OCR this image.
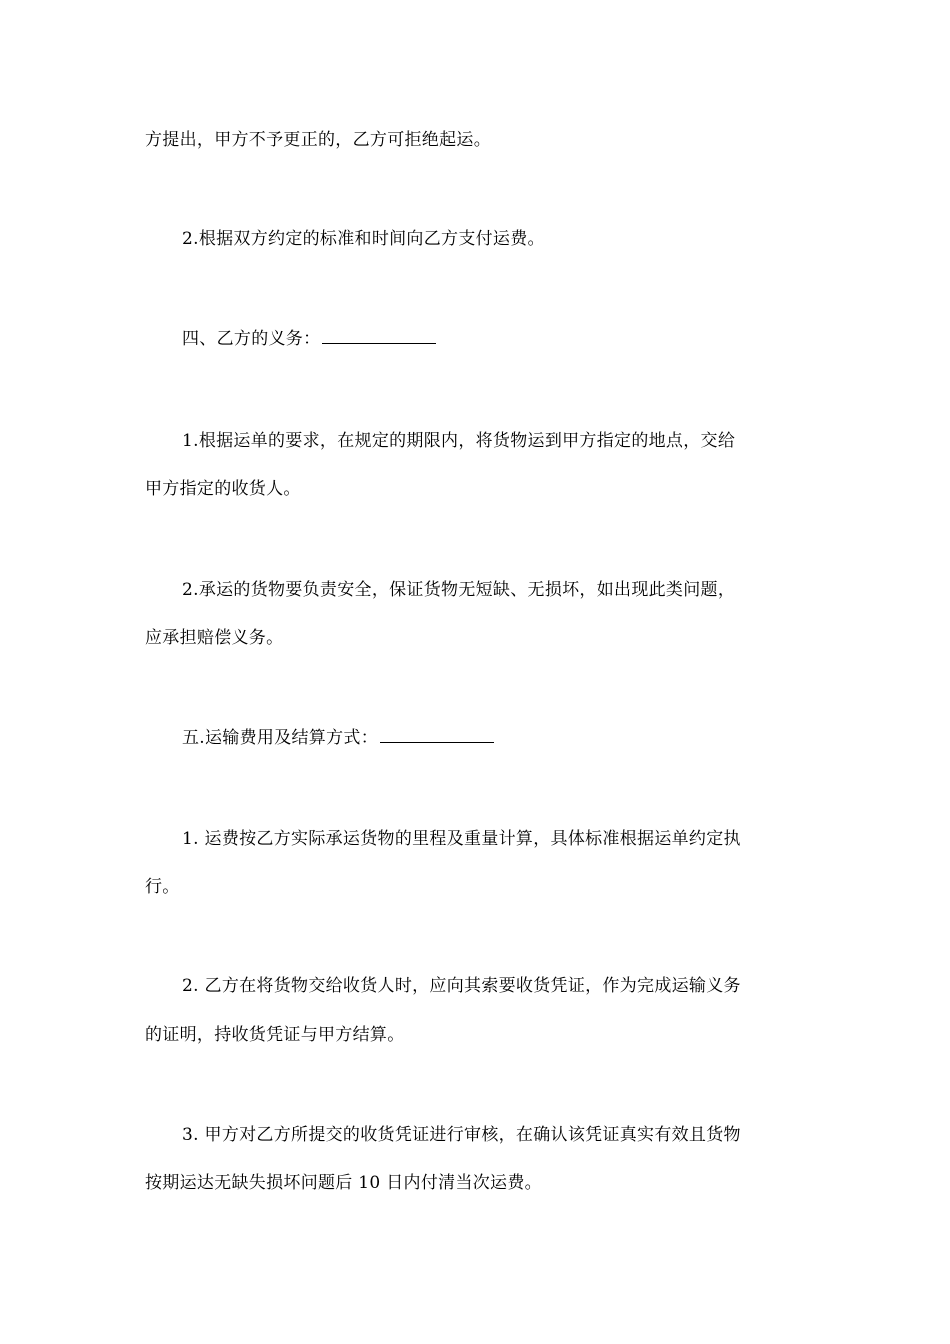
方提出，甲方不予更正的，乙方可拒绝起运。
2.根据双方约定的标准和时间向乙方支付运费。
四、乙方的义务：
1.根据运单的要求，在规定的期限内，将货物运到甲方指定的地点，交给
甲方指定的收货人。
2.承运的货物要负责安全，保证货物无短缺、无损坏，如出现此类问题，
应承担赔偿义务。
五.运输费用及结算方式：
1. 运费按乙方实际承运货物的里程及重量计算，具体标准根据运单约定执
行。
2. 乙方在将货物交给收货人时，应向其索要收货凭证，作为完成运输义务
的证明，持收货凭证与甲方结算。
3. 甲方对乙方所提交的收货凭证进行审核，在确认该凭证真实有效且货物
按期运达无缺失损坏问题后 10 日内付清当次运费。
